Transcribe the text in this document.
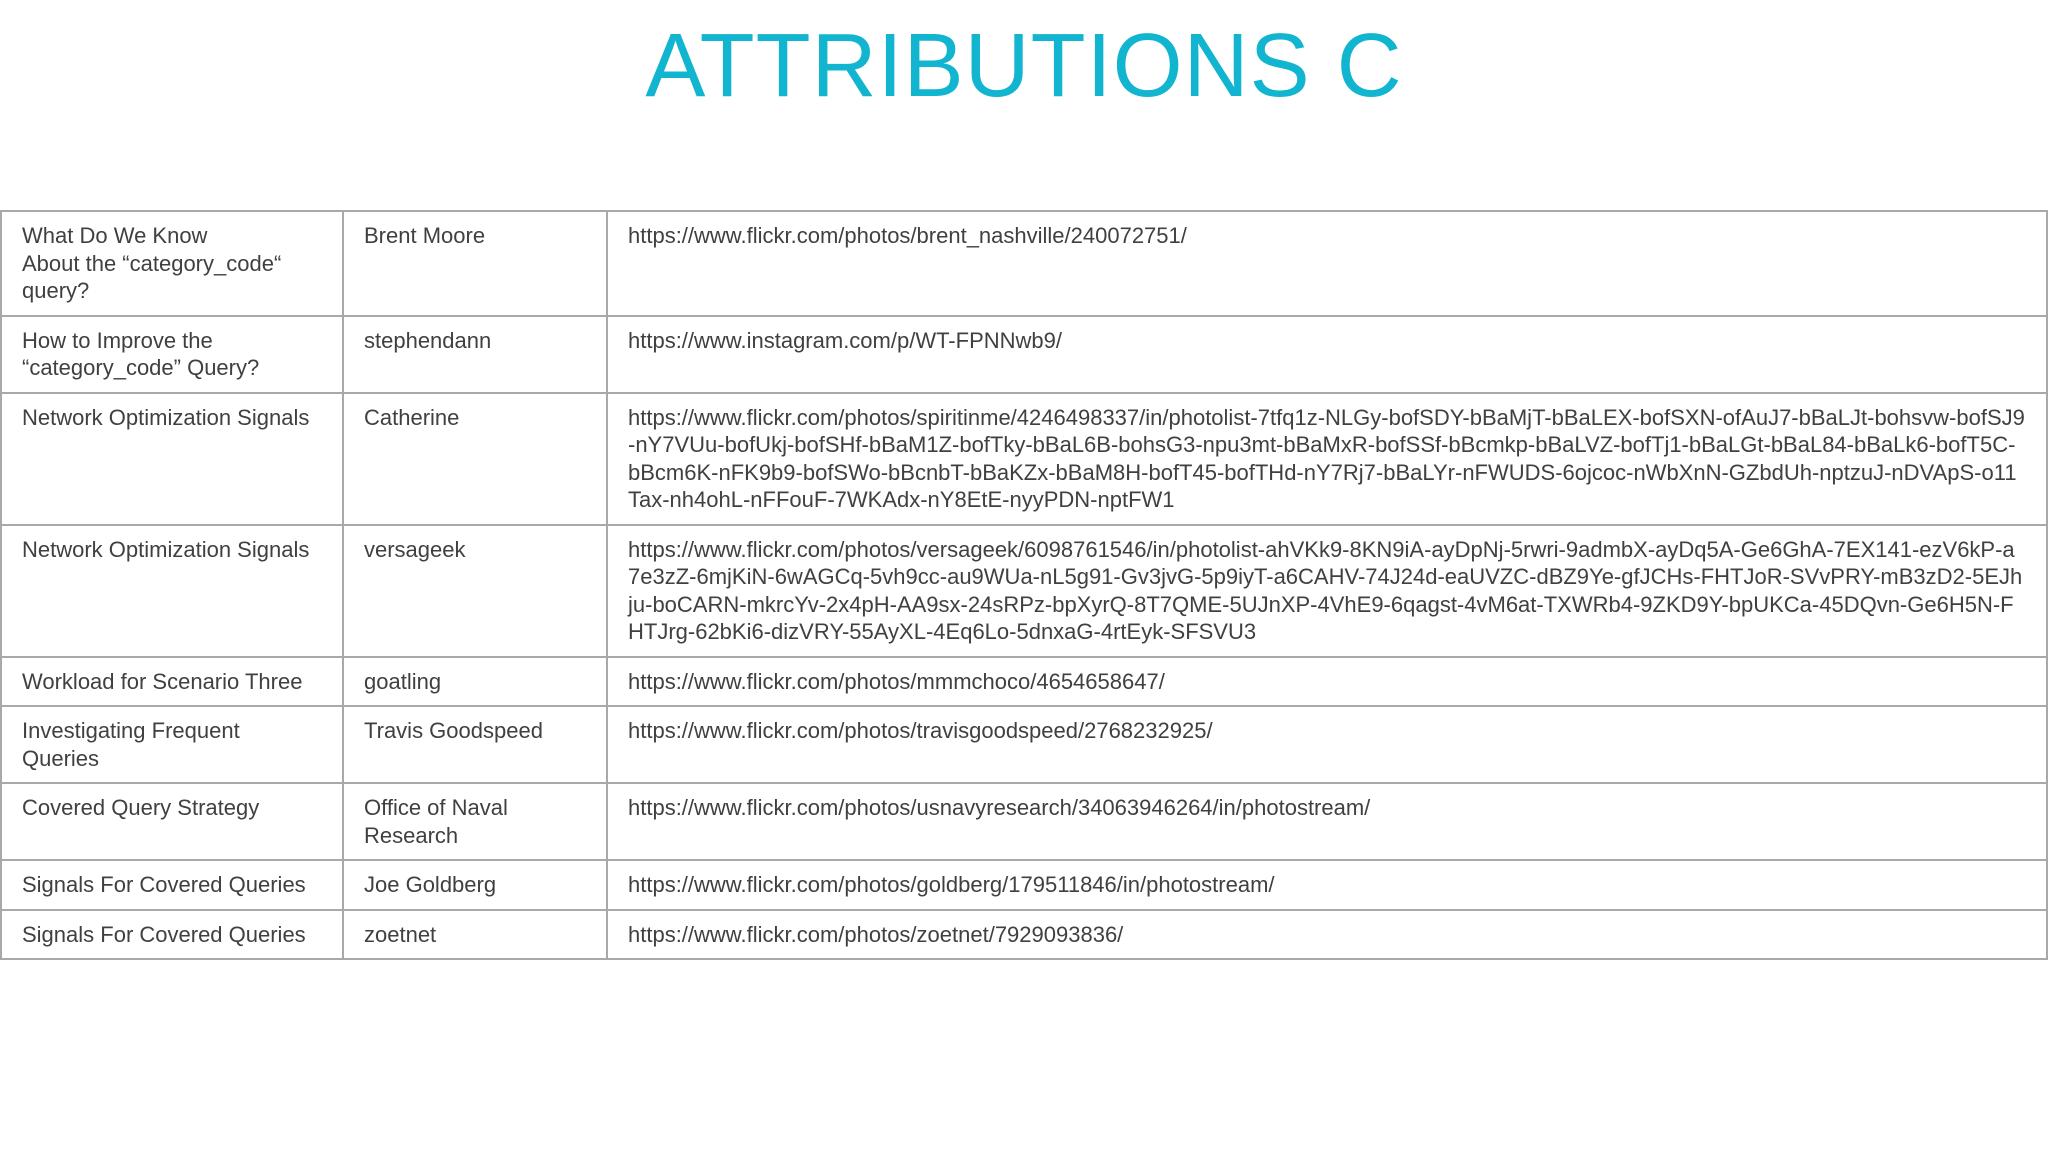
ATTRIBUTIONS C
What Do We Know
About the “category_code“
query?	Brent Moore	https://www.flickr.com/photos/brent_nashville/240072751/

How to Improve the
“category_code” Query?	stephendann	https://www.instagram.com/p/WT-FPNNwb9/

Network Optimization Signals	Catherine	https://www.flickr.com/photos/spiritinme/4246498337/in/photolist-7tfq1z-NLGy-bofSDY-bBaMjT-bBaLEX-bofSXN-ofAuJ7-bBaLJt-bohsvw-bofSJ9-nY7VUu-bofUkj-bofSHf-bBaM1Z-bofTky-bBaL6B-bohsG3-npu3mt-bBaMxR-bofSSf-bBcmkp-bBaLVZ-bofTj1-bBaLGt-bBaL84-bBaLk6-bofT5C-bBcm6K-nFK9b9-bofSWo-bBcnbT-bBaKZx-bBaM8H-bofT45-bofTHd-nY7Rj7-bBaLYr-nFWUDS-6ojcoc-nWbXnN-GZbdUh-nptzuJ-nDVApS-o11Tax-nh4ohL-nFFouF-7WKAdx-nY8EtE-nyyPDN-nptFW1

Network Optimization Signals	versageek	https://www.flickr.com/photos/versageek/6098761546/in/photolist-ahVKk9-8KN9iA-ayDpNj-5rwri-9admbX-ayDq5A-Ge6GhA-7EX141-ezV6kP-a7e3zZ-6mjKiN-6wAGCq-5vh9cc-au9WUa-nL5g91-Gv3jvG-5p9iyT-a6CAHV-74J24d-eaUVZC-dBZ9Ye-gfJCHs-FHTJoR-SVvPRY-mB3zD2-5EJhju-boCARN-mkrcYv-2x4pH-AA9sx-24sRPz-bpXyrQ-8T7QME-5UJnXP-4VhE9-6qagst-4vM6at-TXWRb4-9ZKD9Y-bpUKCa-45DQvn-Ge6H5N-FHTJrg-62bKi6-dizVRY-55AyXL-4Eq6Lo-5dnxaG-4rtEyk-SFSVU3

Workload for Scenario Three	goatling	https://www.flickr.com/photos/mmmchoco/4654658647/

Investigating Frequent
Queries	Travis Goodspeed	https://www.flickr.com/photos/travisgoodspeed/2768232925/

Covered Query Strategy	Office of Naval Research	https://www.flickr.com/photos/usnavyresearch/34063946264/in/photostream/

Signals For Covered Queries	Joe Goldberg	https://www.flickr.com/photos/goldberg/179511846/in/photostream/

Signals For Covered Queries	zoetnet	https://www.flickr.com/photos/zoetnet/7929093836/
